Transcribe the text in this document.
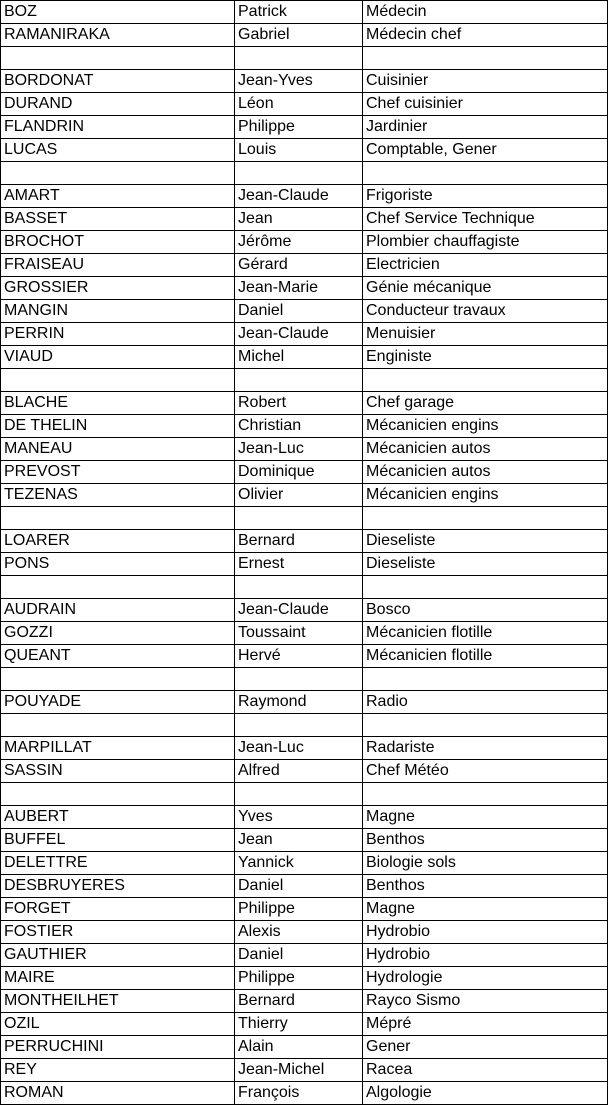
BOZ	Patrick	Médecin
RAMANIRAKA	Gabriel	Médecin chef

BORDONAT	Jean-Yves	Cuisinier
DURAND	Léon	Chef cuisinier
FLANDRIN	Philippe	Jardinier
LUCAS	Louis	Comptable, Gener

AMART	Jean-Claude	Frigoriste
BASSET	Jean	Chef Service Technique
BROCHOT	Jérôme	Plombier chauffagiste
FRAISEAU	Gérard	Electricien
GROSSIER	Jean-Marie	Génie mécanique
MANGIN	Daniel	Conducteur travaux
PERRIN	Jean-Claude	Menuisier
VIAUD	Michel	Enginiste

BLACHE	Robert	Chef garage
DE THELIN	Christian	Mécanicien engins
MANEAU	Jean-Luc	Mécanicien autos
PREVOST	Dominique	Mécanicien autos
TEZENAS	Olivier	Mécanicien engins

LOARER	Bernard	Dieseliste
PONS	Ernest	Dieseliste

AUDRAIN	Jean-Claude	Bosco
GOZZI	Toussaint	Mécanicien flotille
QUEANT	Hervé	Mécanicien flotille

POUYADE	Raymond	Radio

MARPILLAT	Jean-Luc	Radariste
SASSIN	Alfred	Chef Météo

AUBERT	Yves	Magne
BUFFEL	Jean	Benthos
DELETTRE	Yannick	Biologie sols
DESBRUYERES	Daniel	Benthos
FORGET	Philippe	Magne
FOSTIER	Alexis	Hydrobio
GAUTHIER	Daniel	Hydrobio
MAIRE	Philippe	Hydrologie
MONTHEILHET	Bernard	Rayco Sismo
OZIL	Thierry	Mépré
PERRUCHINI	Alain	Gener
REY	Jean-Michel	Racea
ROMAN	François	Algologie
